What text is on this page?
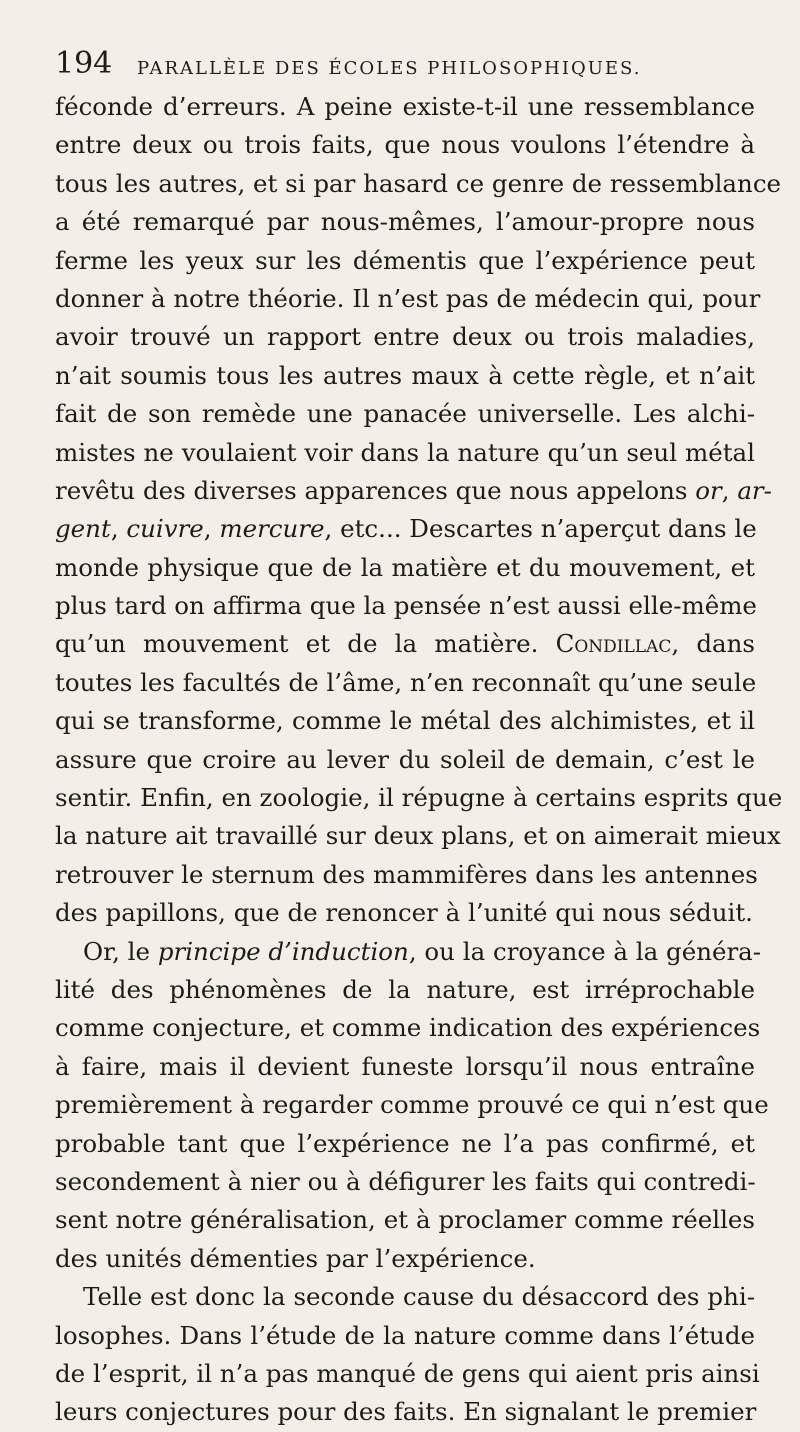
194 PARALLÈLE DES ÉCOLES PHILOSOPHIQUES.
féconde d’erreurs. A peine existe-t-il une ressemblance
entre deux ou trois faits, que nous voulons l’étendre à
tous les autres, et si par hasard ce genre de ressemblance
a été remarqué par nous-mêmes, l’amour-propre nous
ferme les yeux sur les démentis que l’expérience peut
donner à notre théorie. Il n’est pas de médecin qui, pour
avoir trouvé un rapport entre deux ou trois maladies,
n’ait soumis tous les autres maux à cette règle, et n’ait
fait de son remède une panacée universelle. Les alchi-
mistes ne voulaient voir dans la nature qu’un seul métal
revêtu des diverses apparences que nous appelons or, ar-
gent, cuivre, mercure, etc... Descartes n’aperçut dans le
monde physique que de la matière et du mouvement, et
plus tard on affirma que la pensée n’est aussi elle-même
qu’un mouvement et de la matière. Condillac, dans
toutes les facultés de l’âme, n’en reconnaît qu’une seule
qui se transforme, comme le métal des alchimistes, et il
assure que croire au lever du soleil de demain, c’est le
sentir. Enfin, en zoologie, il répugne à certains esprits que
la nature ait travaillé sur deux plans, et on aimerait mieux
retrouver le sternum des mammifères dans les antennes
des papillons, que de renoncer à l’unité qui nous séduit.
Or, le principe d’induction, ou la croyance à la généra-
lité des phénomènes de la nature, est irréprochable
comme conjecture, et comme indication des expériences
à faire, mais il devient funeste lorsqu’il nous entraîne
premièrement à regarder comme prouvé ce qui n’est que
probable tant que l’expérience ne l’a pas confirmé, et
secondement à nier ou à défigurer les faits qui contredi-
sent notre généralisation, et à proclamer comme réelles
des unités démenties par l’expérience.
Telle est donc la seconde cause du désaccord des phi-
losophes. Dans l’étude de la nature comme dans l’étude
de l’esprit, il n’a pas manqué de gens qui aient pris ainsi
leurs conjectures pour des faits. En signalant le premier
